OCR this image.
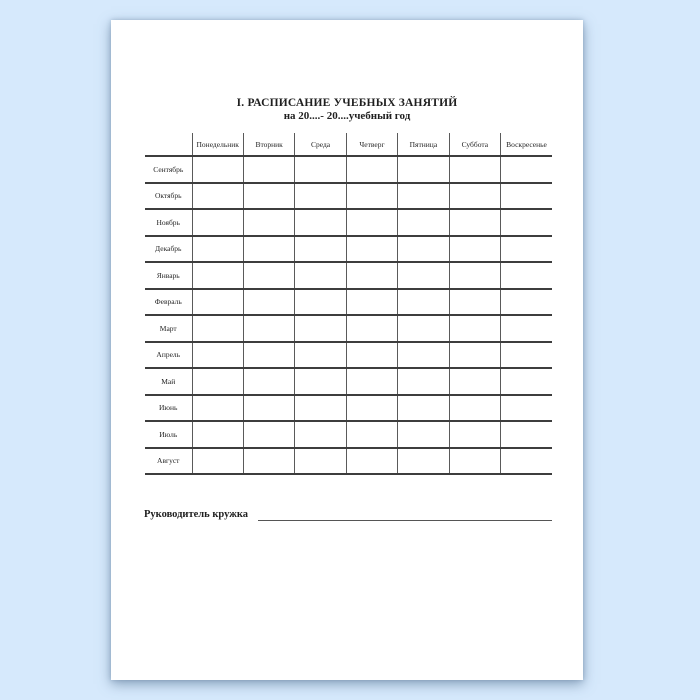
I. РАСПИСАНИЕ УЧЕБНЫХ ЗАНЯТИЙ
на 20....- 20....учебный год
	Понедельник	Вторник	Среда	Четверг	Пятница	Суббота	Воскресенье
Сентябрь							
Октябрь							
Ноябрь							
Декабрь							
Январь							
Февраль							
Март							
Апрель							
Май							
Июнь							
Июль							
Август							
Руководитель кружка
